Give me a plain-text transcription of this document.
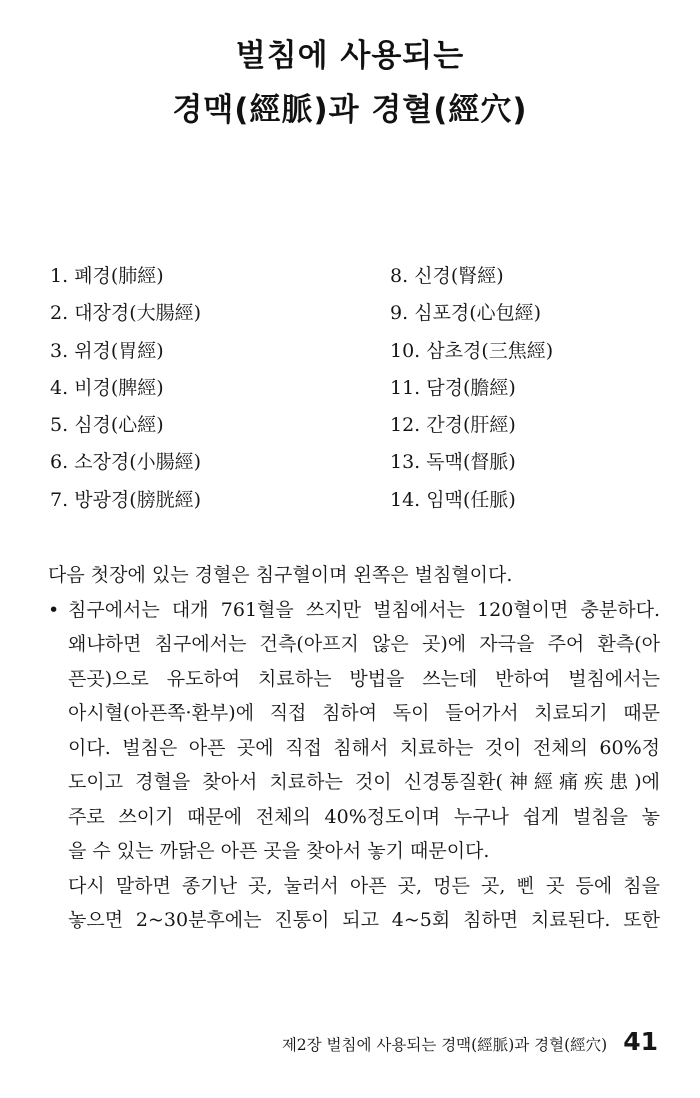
벌침에 사용되는
경맥(經脈)과 경혈(經穴)
1. 폐경(肺經)
2. 대장경(大腸經)
3. 위경(胃經)
4. 비경(脾經)
5. 심경(心經)
6. 소장경(小腸經)
7. 방광경(膀胱經)
8. 신경(腎經)
9. 심포경(心包經)
10. 삼초경(三焦經)
11. 담경(膽經)
12. 간경(肝經)
13. 독맥(督脈)
14. 임맥(任脈)
다음 첫장에 있는 경혈은 침구혈이며 왼쪽은 벌침혈이다.
• 침구에서는 대개 761혈을 쓰지만 벌침에서는 120혈이면 충분하다.
왜냐하면 침구에서는 건측(아프지 않은 곳)에 자극을 주어 환측(아
픈곳)으로 유도하여 치료하는 방법을 쓰는데 반하여 벌침에서는
아시혈(아픈쪽·환부)에 직접 침하여 독이 들어가서 치료되기 때문
이다. 벌침은 아픈 곳에 직접 침해서 치료하는 것이 전체의 60%정
도이고 경혈을 찾아서 치료하는 것이 신경통질환(神經痛疾患)에
주로 쓰이기 때문에 전체의 40%정도이며 누구나 쉽게 벌침을 놓
을 수 있는 까닭은 아픈 곳을 찾아서 놓기 때문이다.
다시 말하면 종기난 곳, 눌러서 아픈 곳, 멍든 곳, 삔 곳 등에 침을
놓으면 2~30분후에는 진통이 되고 4~5회 침하면 치료된다. 또한
제2장 벌침에 사용되는 경맥(經脈)과 경혈(經穴) 41
